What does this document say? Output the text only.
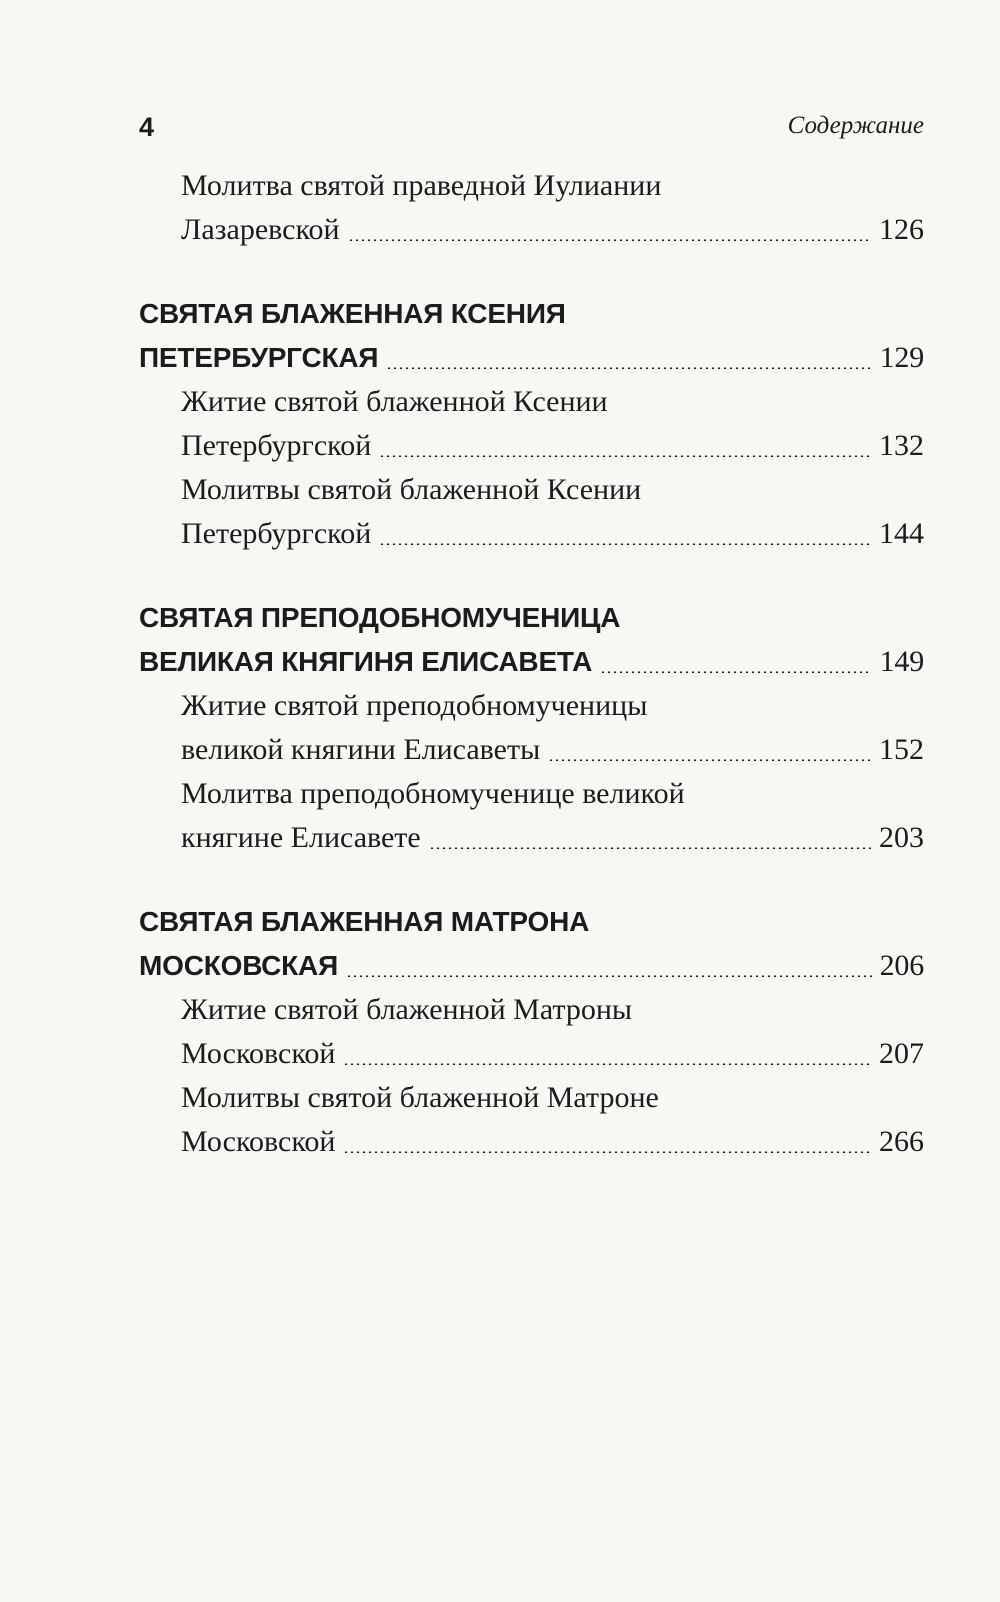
4	Содержание
Молитва святой праведной Иулиании
Лазаревской	126
СВЯТАЯ БЛАЖЕННАЯ КСЕНИЯ
ПЕТЕРБУРГСКАЯ	129
Житие святой блаженной Ксении
Петербургской	132
Молитвы святой блаженной Ксении
Петербургской	144
СВЯТАЯ ПРЕПОДОБНОМУЧЕНИЦА
ВЕЛИКАЯ КНЯГИНЯ ЕЛИСАВЕТА	149
Житие святой преподобномученицы
великой княгини Елисаветы	152
Молитва преподобномученице великой
княгине Елисавете	203
СВЯТАЯ БЛАЖЕННАЯ МАТРОНА
МОСКОВСКАЯ	206
Житие святой блаженной Матроны
Московской	207
Молитвы святой блаженной Матроне
Московской	266
